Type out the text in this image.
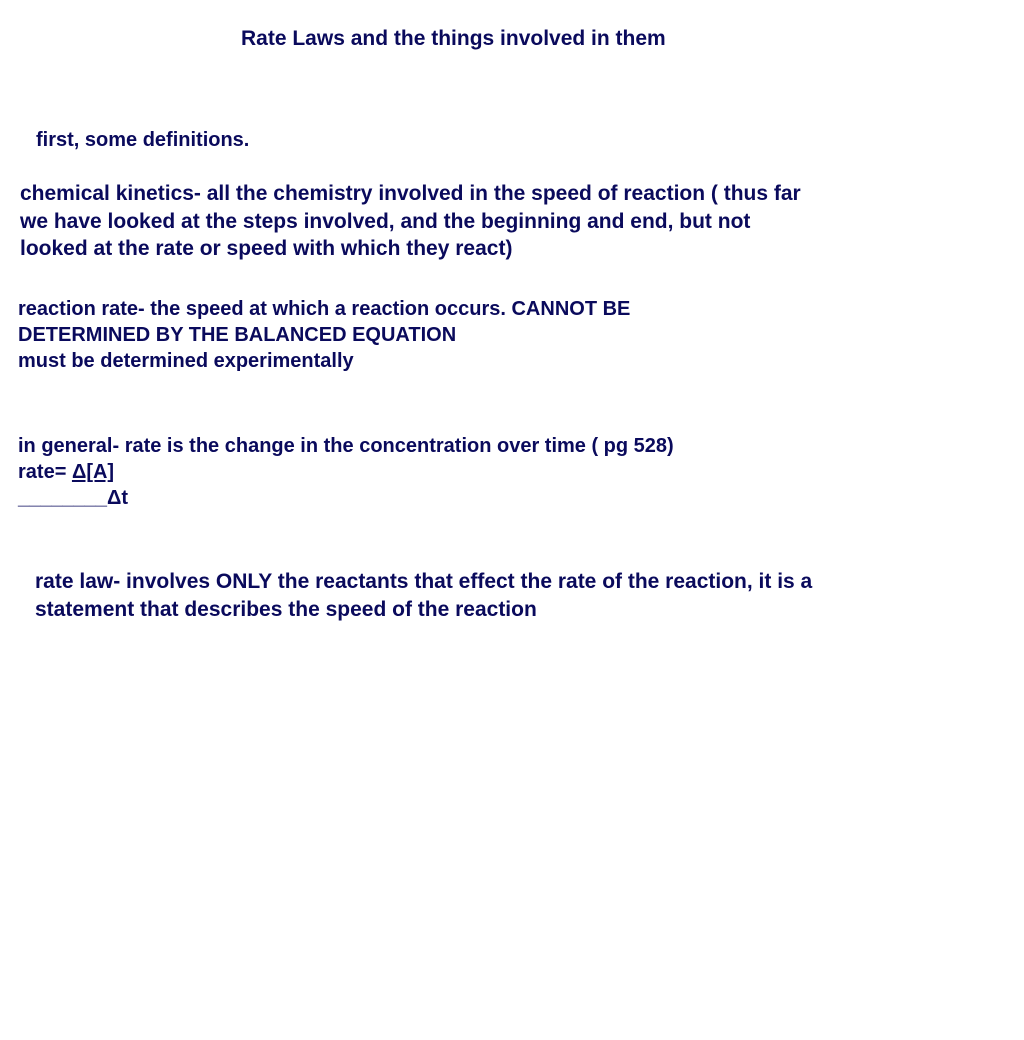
Rate Laws and the things involved in them
first, some definitions.
chemical kinetics- all the chemistry involved in the speed of reaction ( thus far
we have looked at the steps involved, and the beginning and end, but not
looked at the rate or speed with which they react)
reaction rate- the speed at which a reaction occurs. CANNOT BE
DETERMINED BY THE BALANCED EQUATION
must be determined experimentally
in general- rate is the change in the concentration over time ( pg 528)
rate= Δ[A]
________Δt
rate law- involves ONLY the reactants that effect the rate of the reaction, it is a
statement that describes the speed of the reaction
